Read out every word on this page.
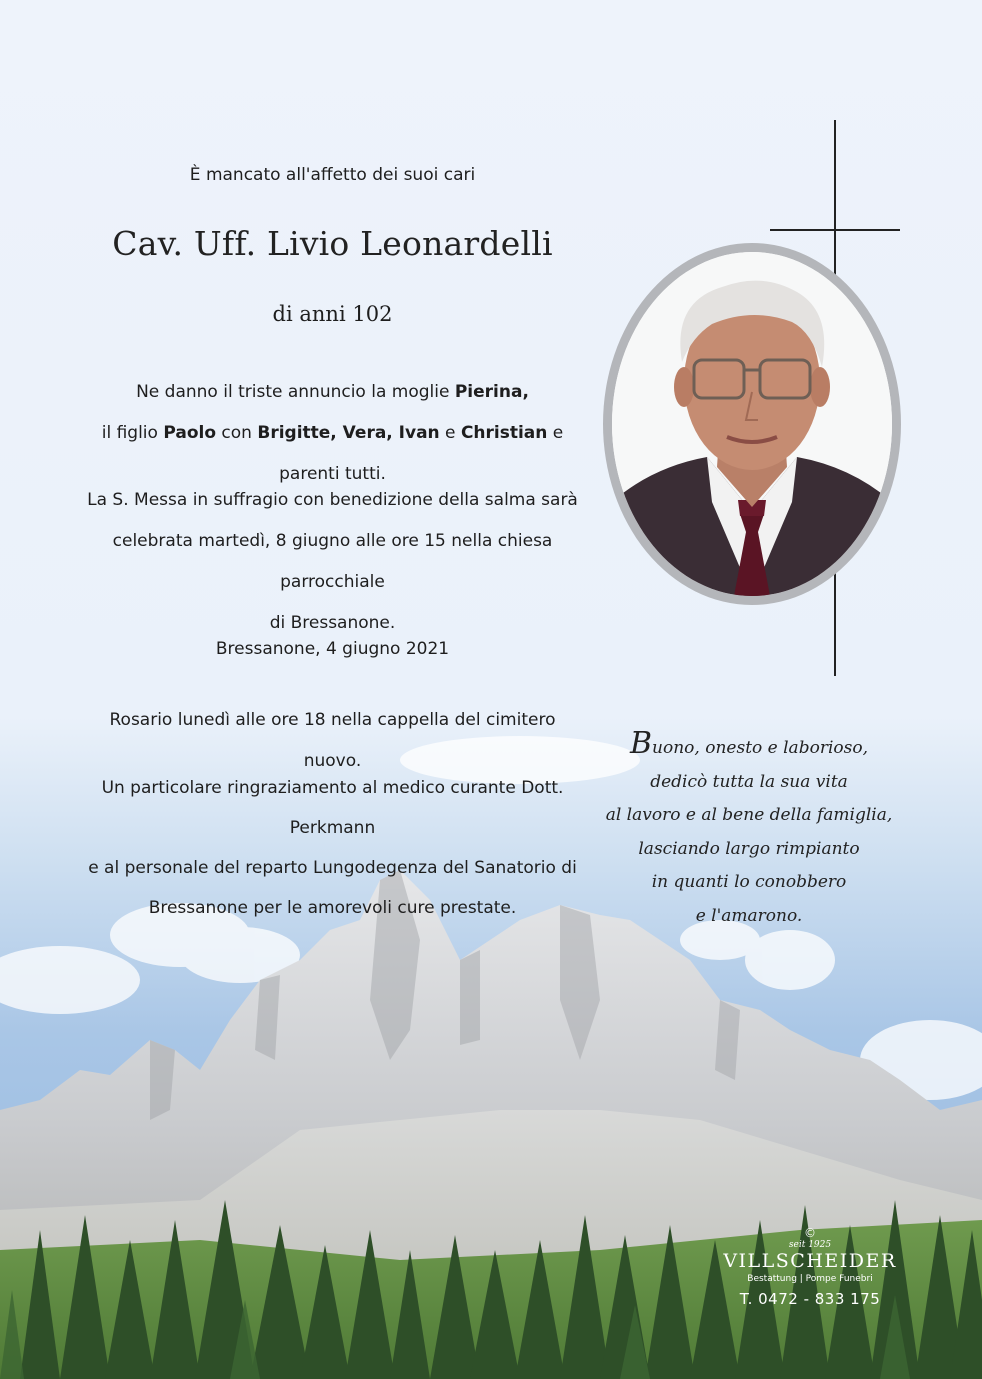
È mancato all'affetto dei suoi cari
Cav. Uff. Livio Leonardelli
di anni 102
Ne danno il triste annuncio la moglie Pierina,
il figlio Paolo con Brigitte, Vera, Ivan e Christian e parenti tutti.
La S. Messa in suffragio con benedizione della salma sarà
celebrata martedì, 8 giugno alle ore 15 nella chiesa parrocchiale
di Bressanone.
Bressanone, 4 giugno 2021
Rosario lunedì alle ore 18 nella cappella del cimitero nuovo.
Un particolare ringraziamento al medico curante Dott. Perkmann
e al personale del reparto Lungodegenza del Sanatorio di
Bressanone per le amorevoli cure prestate.
Buono, onesto e laborioso,
dedicò tutta la sua vita
al lavoro e al bene della famiglia,
lasciando largo rimpianto
in quanti lo conobbero
e l'amarono.
©
seit 1925
VILLSCHEIDER
Bestattung | Pompe Funebri
T. 0472 - 833 175
